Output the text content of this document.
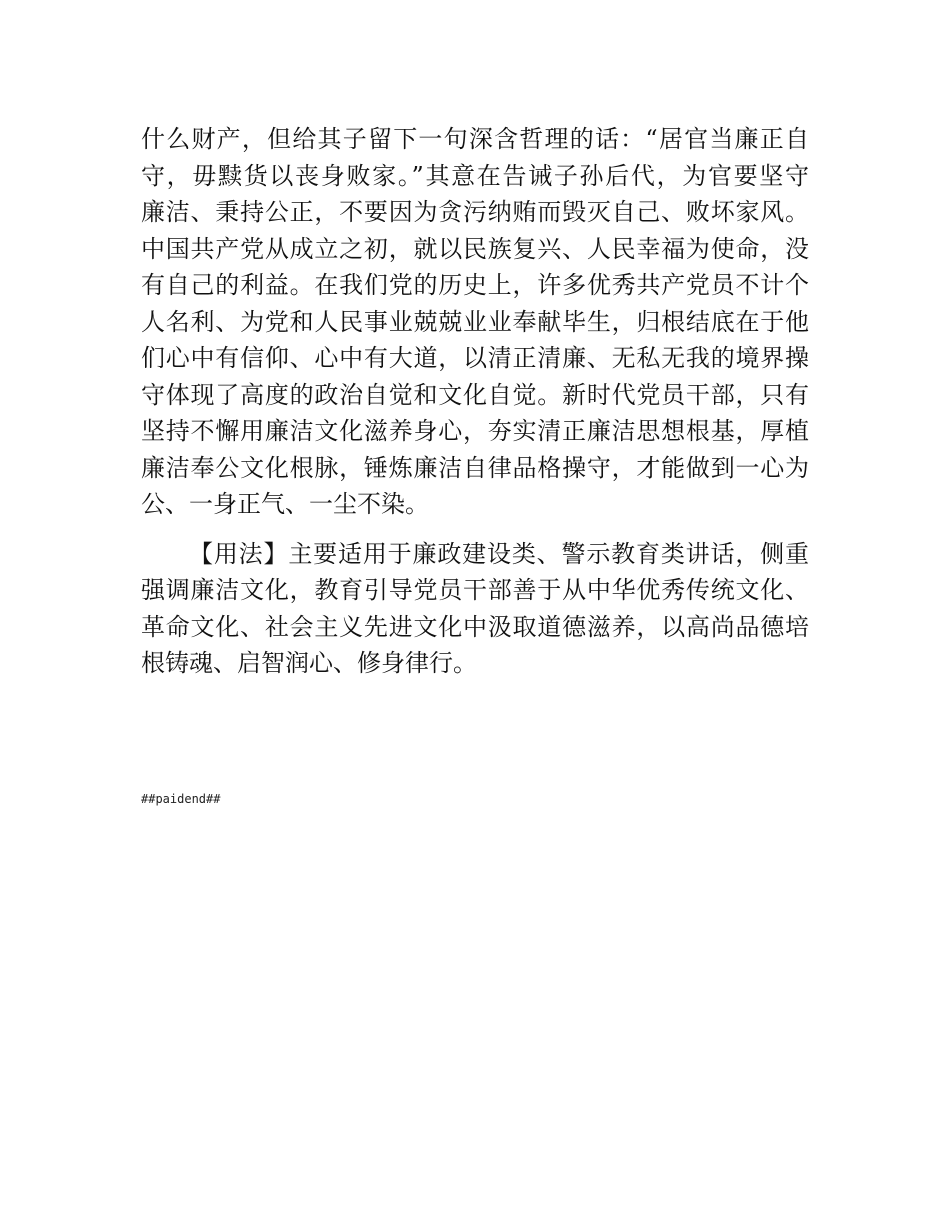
什么财产，但给其子留下一句深含哲理的话：“居官当廉正自
守，毋黩货以丧身败家。”其意在告诫子孙后代，为官要坚守
廉洁、秉持公正，不要因为贪污纳贿而毁灭自己、败坏家风。
中国共产党从成立之初，就以民族复兴、人民幸福为使命，没
有自己的利益。在我们党的历史上，许多优秀共产党员不计个
人名利、为党和人民事业兢兢业业奉献毕生，归根结底在于他
们心中有信仰、心中有大道，以清正清廉、无私无我的境界操
守体现了高度的政治自觉和文化自觉。新时代党员干部，只有
坚持不懈用廉洁文化滋养身心，夯实清正廉洁思想根基，厚植
廉洁奉公文化根脉，锤炼廉洁自律品格操守，才能做到一心为
公、一身正气、一尘不染。
【用法】主要适用于廉政建设类、警示教育类讲话，侧重
强调廉洁文化，教育引导党员干部善于从中华优秀传统文化、
革命文化、社会主义先进文化中汲取道德滋养，以高尚品德培
根铸魂、启智润心、修身律行。
##paidend##
